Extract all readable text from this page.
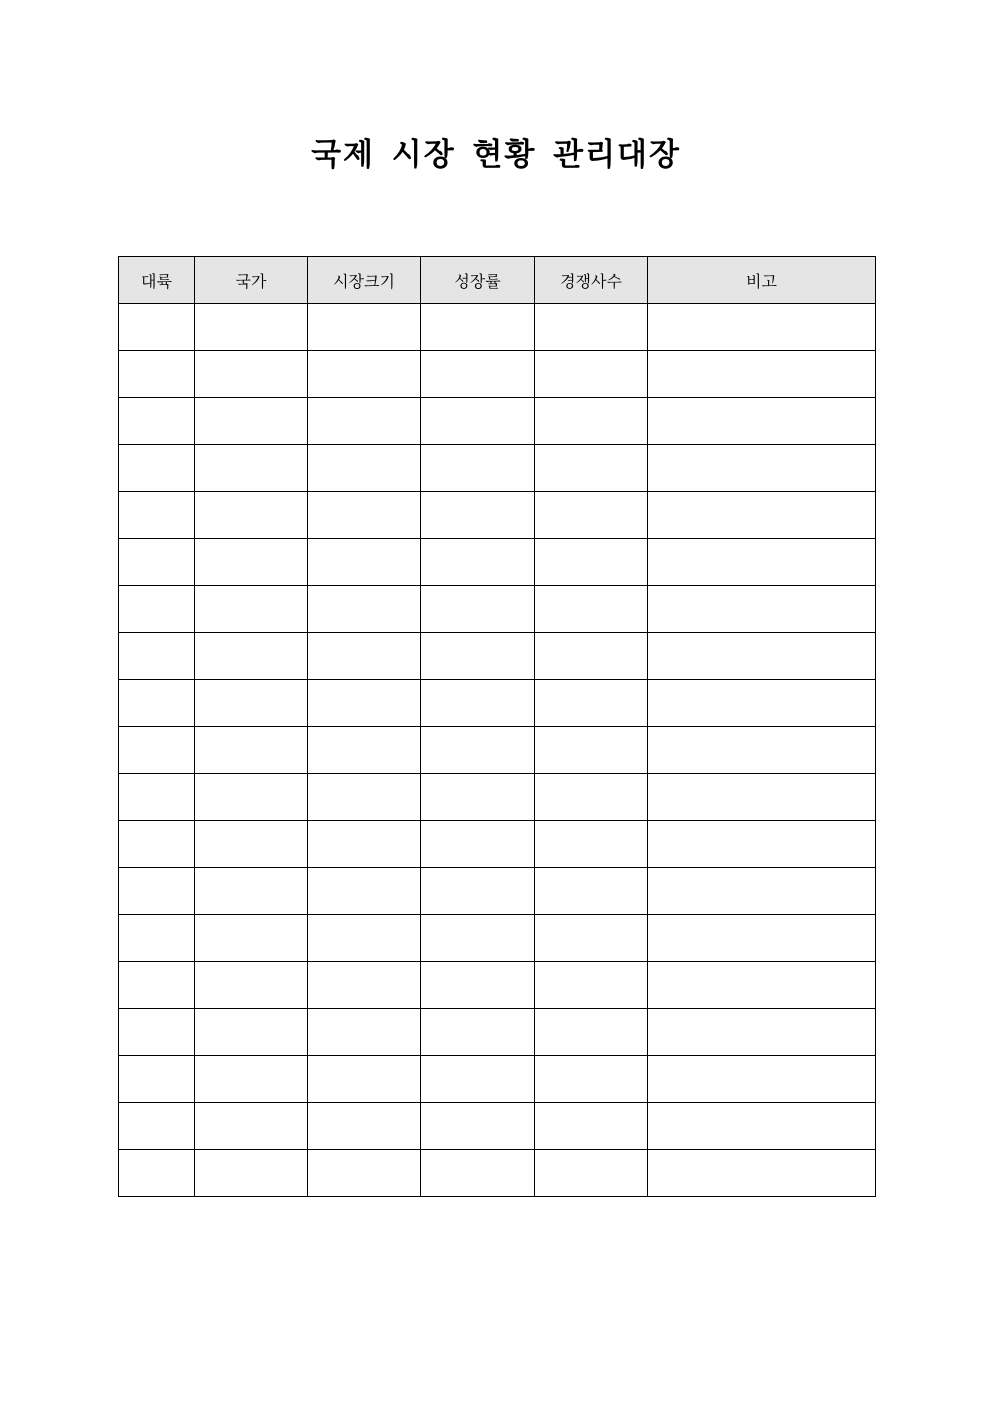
국제 시장 현황 관리대장
대륙	국가	시장크기	성장률	경쟁사수	비고
